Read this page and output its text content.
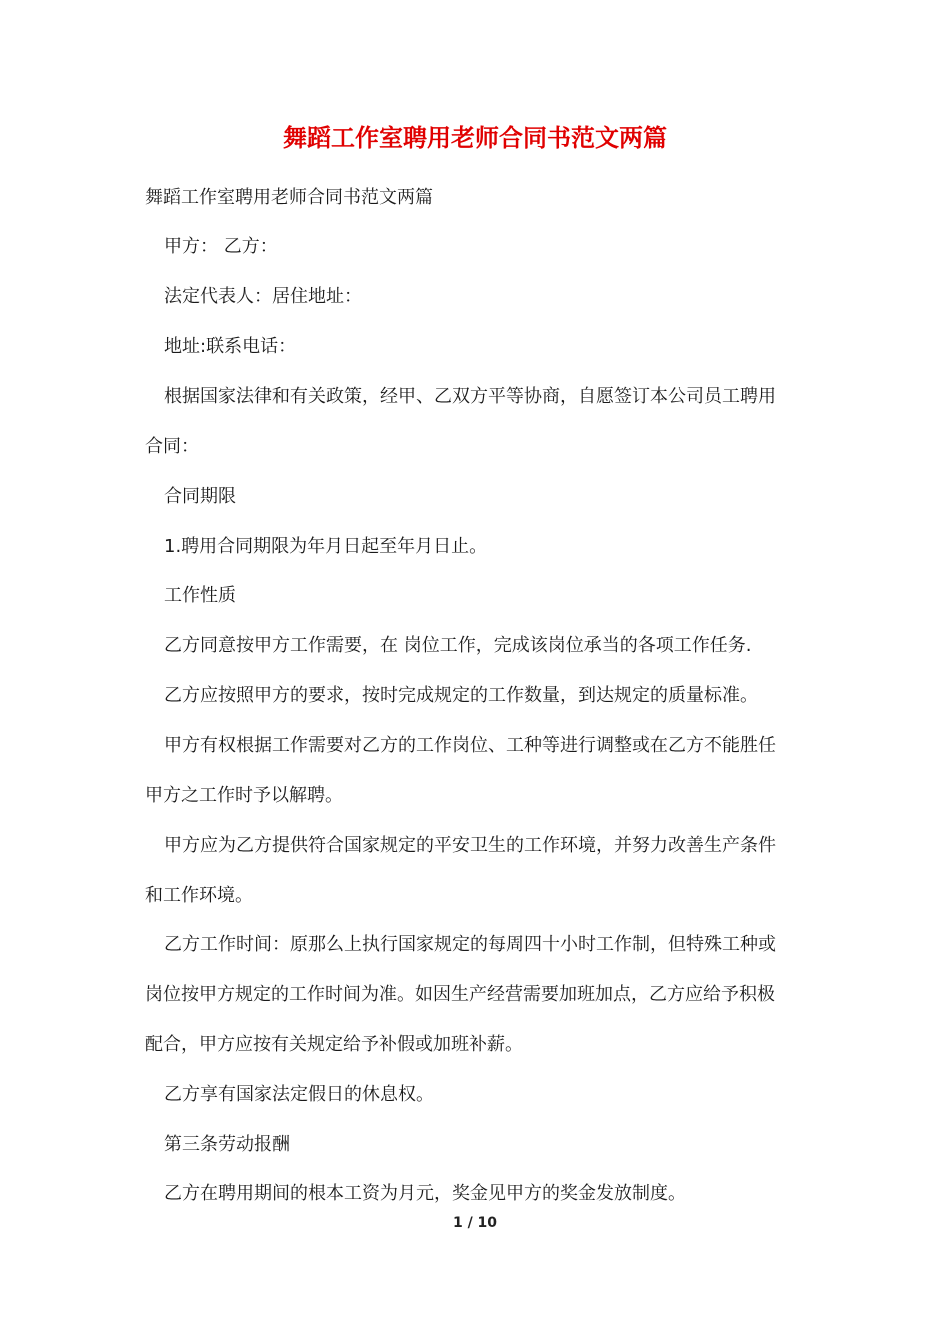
舞蹈工作室聘用老师合同书范文两篇
舞蹈工作室聘用老师合同书范文两篇
甲方： 乙方：
法定代表人：居住地址：
地址:联系电话：
根据国家法律和有关政策，经甲、乙双方平等协商，自愿签订本公司员工聘用
合同：
合同期限
1.聘用合同期限为年月日起至年月日止。
工作性质
乙方同意按甲方工作需要，在 岗位工作，完成该岗位承当的各项工作任务.
乙方应按照甲方的要求，按时完成规定的工作数量，到达规定的质量标准。
甲方有权根据工作需要对乙方的工作岗位、工种等进行调整或在乙方不能胜任
甲方之工作时予以解聘。
甲方应为乙方提供符合国家规定的平安卫生的工作环境，并努力改善生产条件
和工作环境。
乙方工作时间：原那么上执行国家规定的每周四十小时工作制，但特殊工种或
岗位按甲方规定的工作时间为准。如因生产经营需要加班加点，乙方应给予积极
配合，甲方应按有关规定给予补假或加班补薪。
乙方享有国家法定假日的休息权。
第三条劳动报酬
乙方在聘用期间的根本工资为月元，奖金见甲方的奖金发放制度。
1 / 10
